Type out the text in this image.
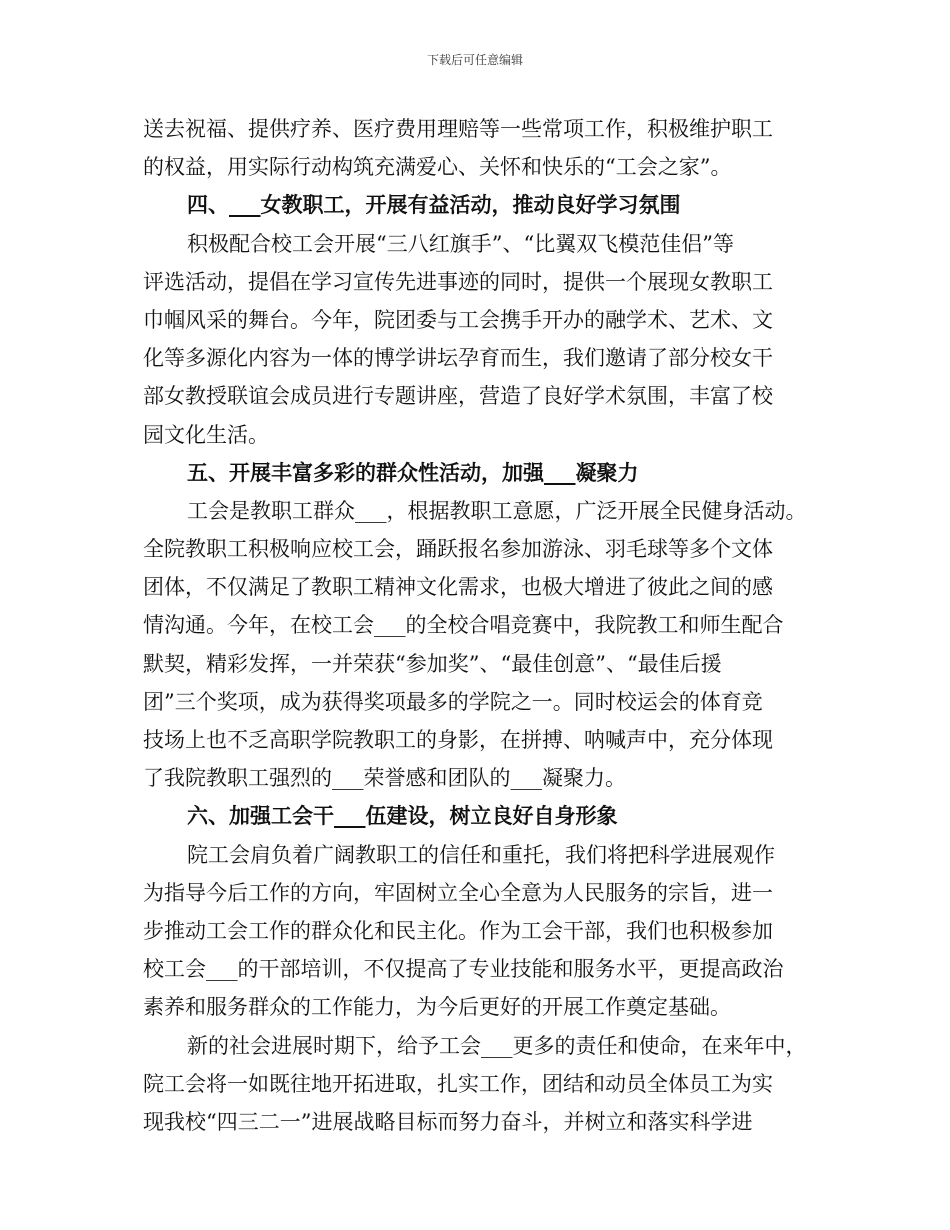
下载后可任意编辑
送去祝福、提供疗养、医疗费用理赔等一些常项工作，积极维护职工
的权益，用实际行动构筑充满爱心、关怀和快乐的“工会之家”。
四、___女教职工，开展有益活动，推动良好学习氛围
积极配合校工会开展“三八红旗手”、“比翼双飞模范佳侣”等
评选活动，提倡在学习宣传先进事迹的同时，提供一个展现女教职工
巾帼风采的舞台。今年，院团委与工会携手开办的融学术、艺术、文
化等多源化内容为一体的博学讲坛孕育而生，我们邀请了部分校女干
部女教授联谊会成员进行专题讲座，营造了良好学术氛围，丰富了校
园文化生活。
五、开展丰富多彩的群众性活动，加强___凝聚力
工会是教职工群众___，根据教职工意愿，广泛开展全民健身活动。
全院教职工积极响应校工会，踊跃报名参加游泳、羽毛球等多个文体
团体，不仅满足了教职工精神文化需求，也极大增进了彼此之间的感
情沟通。今年，在校工会___的全校合唱竞赛中，我院教工和师生配合
默契，精彩发挥，一并荣获“参加奖”、“最佳创意”、“最佳后援
团”三个奖项，成为获得奖项最多的学院之一。同时校运会的体育竞
技场上也不乏高职学院教职工的身影，在拼搏、呐喊声中，充分体现
了我院教职工强烈的___荣誉感和团队的___凝聚力。
六、加强工会干___伍建设，树立良好自身形象
院工会肩负着广阔教职工的信任和重托，我们将把科学进展观作
为指导今后工作的方向，牢固树立全心全意为人民服务的宗旨，进一
步推动工会工作的群众化和民主化。作为工会干部，我们也积极参加
校工会___的干部培训，不仅提高了专业技能和服务水平，更提高政治
素养和服务群众的工作能力，为今后更好的开展工作奠定基础。
新的社会进展时期下，给予工会___更多的责任和使命，在来年中，
院工会将一如既往地开拓进取，扎实工作，团结和动员全体员工为实
现我校“四三二一”进展战略目标而努力奋斗，并树立和落实科学进
